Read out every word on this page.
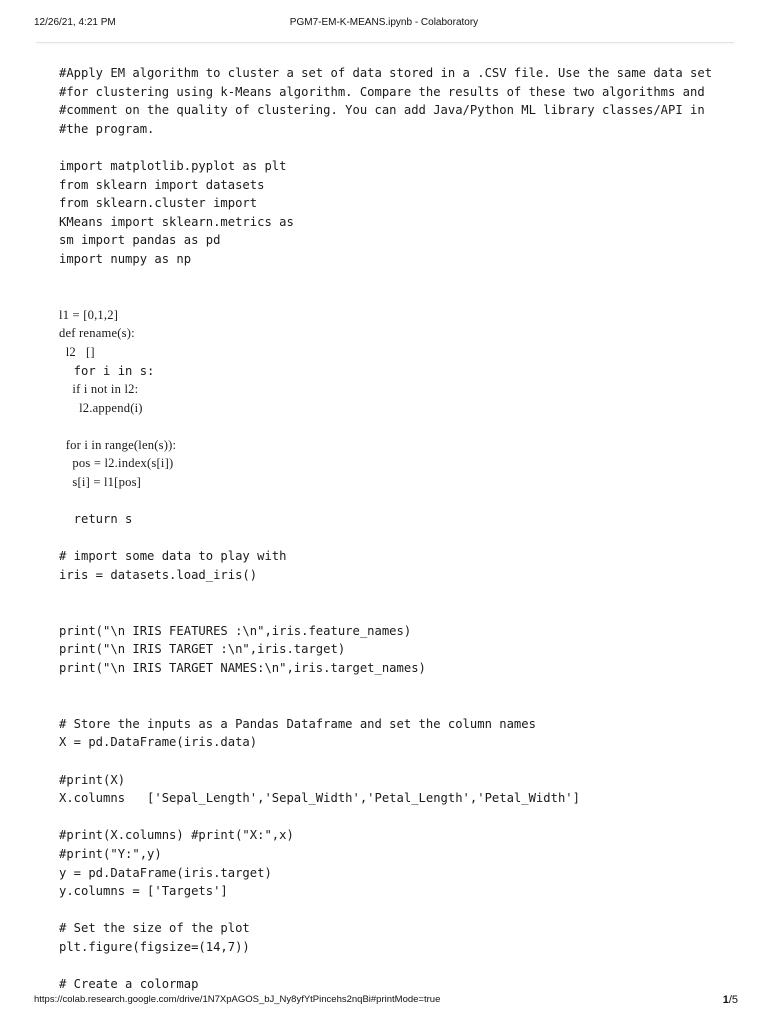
12/26/21, 4:21 PM	PGM7-EM-K-MEANS.ipynb - Colaboratory
#Apply EM algorithm to cluster a set of data stored in a .CSV file. Use the same data set
#for clustering using k-Means algorithm. Compare the results of these two algorithms and
#comment on the quality of clustering. You can add Java/Python ML library classes/API in
#the program.
import matplotlib.pyplot as plt
from sklearn import datasets
from sklearn.cluster import
KMeans import sklearn.metrics as
sm import pandas as pd
import numpy as np
l1 = [0,1,2]
def rename(s):
l2   []
for i in s:
if i not in l2:
l2.append(i)
for i in range(len(s)):
pos = l2.index(s[i])
s[i] = l1[pos]
return s
# import some data to play with
iris = datasets.load_iris()
print("\n IRIS FEATURES :\n",iris.feature_names)
print("\n IRIS TARGET :\n",iris.target)
print("\n IRIS TARGET NAMES:\n",iris.target_names)
# Store the inputs as a Pandas Dataframe and set the column names
X = pd.DataFrame(iris.data)
#print(X)
X.columns   ['Sepal_Length','Sepal_Width','Petal_Length','Petal_Width']
#print(X.columns) #print("X:",x)
#print("Y:",y)
y = pd.DataFrame(iris.target)
y.columns = ['Targets']
# Set the size of the plot
plt.figure(figsize=(14,7))
# Create a colormap
https://colab.research.google.com/drive/1N7XpAGOS_bJ_Ny8yfYtPincehs2nqBi#printMode=true	1/5
